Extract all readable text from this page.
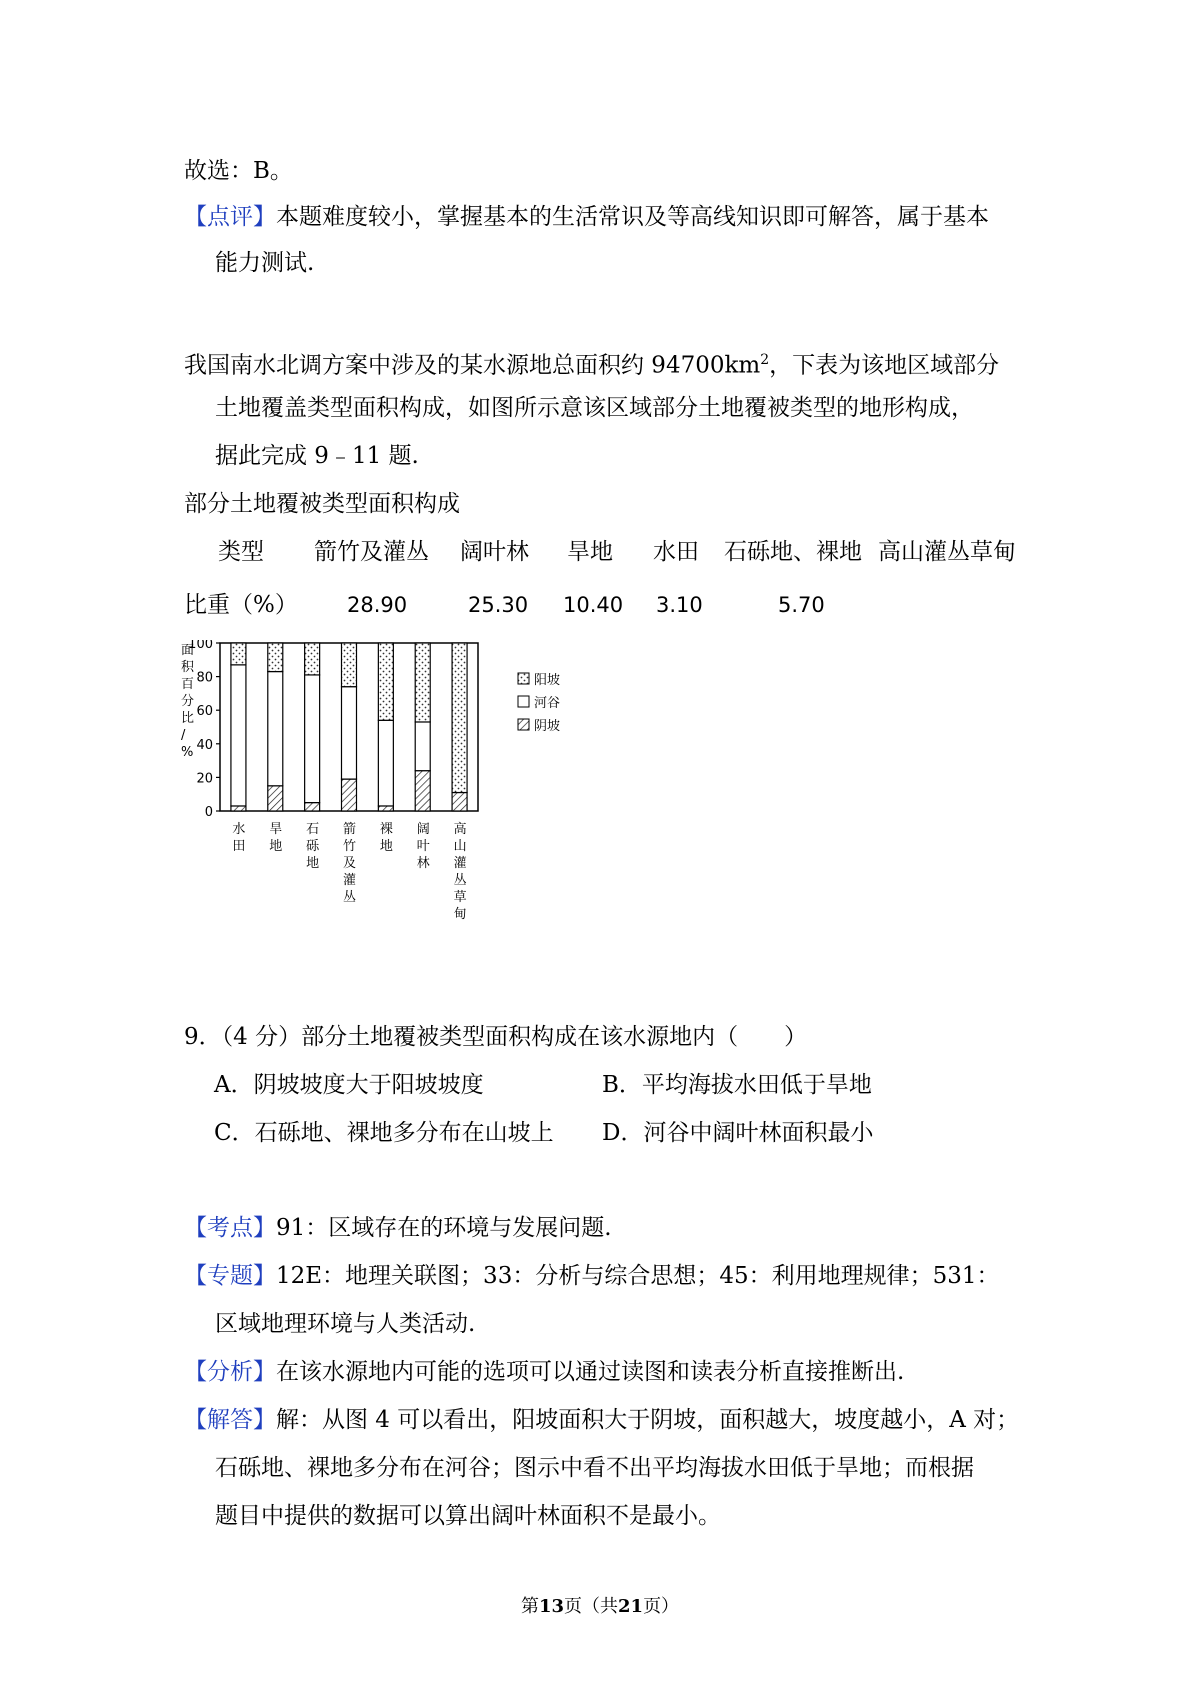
故选：B。
【点评】本题难度较小，掌握基本的生活常识及等高线知识即可解答，属于基本
能力测试.
我国南水北调方案中涉及的某水源地总面积约 $94700km^2$，下表为该地区域部分
土地覆盖类型面积构成，如图所示意该区域部分土地覆被类型的地形构成，
据此完成 9﹣11 题.
部分土地覆被类型面积构成
类型 箭竹及灌丛 阔叶林 旱地 水田 石砾地、裸地 高山灌丛草甸
比重（%） 28.90	25.30 10.40 3.10	5.70
0
20
40
60
80
100
面
积
百
分
比
/
%
水
田
旱
地
石
砾
地
箭
竹
及
灌
丛
裸
地
阔
叶
林
高
山
灌
丛
草
甸
阳坡
河谷
阴坡
9．（4 分）部分土地覆被类型面积构成在该水源地内（　　）
A．阴坡坡度大于阳坡坡度	B．平均海拔水田低于旱地
C．石砾地、裸地多分布在山坡上 D．河谷中阔叶林面积最小
【考点】91：区域存在的环境与发展问题.
【专题】12E：地理关联图；33：分析与综合思想；45：利用地理规律；531：
区域地理环境与人类活动.
【分析】在该水源地内可能的选项可以通过读图和读表分析直接推断出.
【解答】解：从图 4 可以看出，阳坡面积大于阴坡，面积越大，坡度越小，A 对；
石砾地、裸地多分布在河谷；图示中看不出平均海拔水田低于旱地；而根据
题目中提供的数据可以算出阔叶林面积不是最小。
第13页（共21页）
